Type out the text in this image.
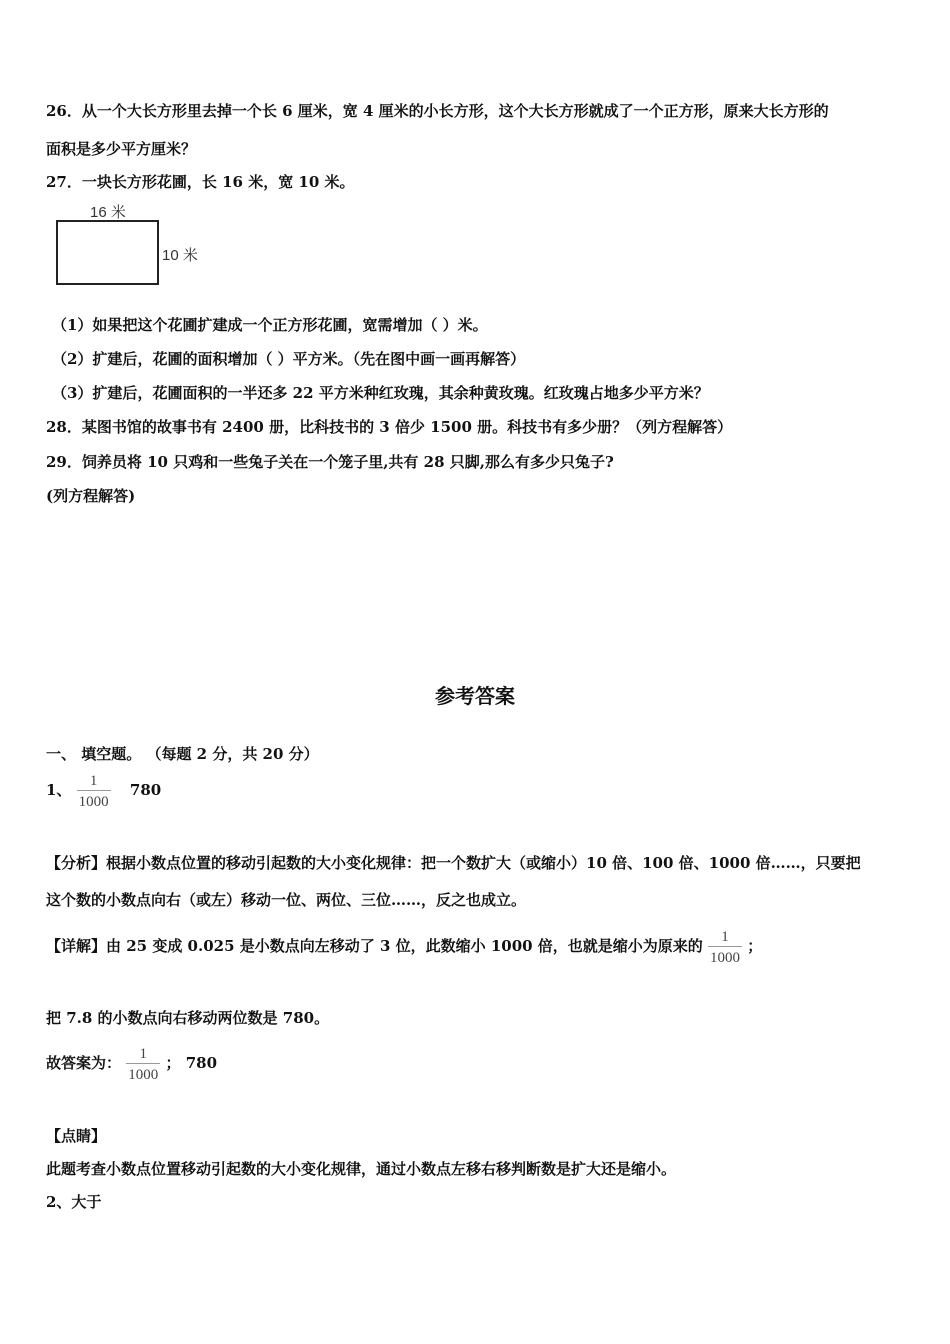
26．从一个大长方形里去掉一个长 6 厘米，宽 4 厘米的小长方形，这个大长方形就成了一个正方形，原来大长方形的
面积是多少平方厘米？
27．一块长方形花圃，长 16 米，宽 10 米。
16 米
10 米
（1）如果把这个花圃扩建成一个正方形花圃，宽需增加（ ）米。
（2）扩建后，花圃的面积增加（ ）平方米。（先在图中画一画再解答）
（3）扩建后，花圃面积的一半还多 22 平方米种红玫瑰，其余种黄玫瑰。红玫瑰占地多少平方米？
28．某图书馆的故事书有 2400 册，比科技书的 3 倍少 1500 册。科技书有多少册？（列方程解答）
29．饲养员将 10 只鸡和一些兔子关在一个笼子里,共有 28 只脚,那么有多少只兔子?
(列方程解答)
参考答案
一、 填空题。 （每题 2 分，共 20 分）
1、 $\frac{1}{1000} 780$
【分析】根据小数点位置的移动引起数的大小变化规律：把一个数扩大（或缩小）10 倍、100 倍、1000 倍……，只要把
这个数的小数点向右（或左）移动一位、两位、三位……，反之也成立。
【详解】由 25 变成 0.025 是小数点向左移动了 3 位，此数缩小 1000 倍，也就是缩小为原来的 $\frac{1}{1000}$ ；
把 7.8 的小数点向右移动两位数是 780。
故答案为： $\frac{1}{1000}$ ； 780
【点睛】
此题考查小数点位置移动引起数的大小变化规律，通过小数点左移右移判断数是扩大还是缩小。
2、大于
